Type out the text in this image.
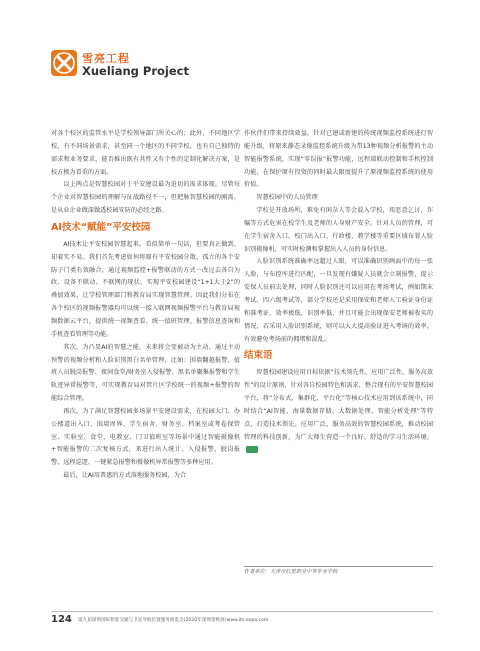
雪亮工程
Xueliang Project

对各个校区的监管水平是学校领导部门所关心的；此外，不同地区学校，有不同场景需求，甚至同一个地区的不同学校，也有自己独特的需求和业务要求，能否推出既有共性又有个性的定制化解决方案，是校方极为看重的方面。

以上两点是智慧校园对于平安建设最为迫切的需求体现。尽管每个企业对智慧校园的理解与征战路径不一，但把脉智慧校园的刚需，是从业企业做深做透校园安防的必经之路。

AI技术“赋能”平安校园

AI技术让平安校园智慧起来。看似简单一句话，但要真正做到，却着实不易。我们首先考虑如何将原有平安校园分散、孤立的各个安防子门类有效融合，通过视频监控+报警联动的方式一改过去各自为政、设备不联动、不联网的现状，实现平安校园建设“1+1大于2”的叠加效果，让学校管理部门和教育局实现智慧管理。因此我们分布在各个校区的视频报警器均可以统一接入联网视频报警平台与教育局视频数据云平台，提供统一视频查看、统一值班管理、报警信息查询和手机查看管理等功能。

其次，为凸显AI的智慧之能，未来将会变被动为主动，通过主动预警的视频分析和人脸识别黑白名单管理，比如：围墙翻越报警、值班人员脱岗报警、夜间食堂/财务室入侵报警、黑名单聚集报警和学生轨迹异常报警等，可实现教育局对管片区学校统一的视频+报警的智能综合管理。

再次，为了满足智慧校园多场景平安建设需求，在校园大门、办公楼道出入口、围墙周界、学生宿舍、财务室、档案室或考卷保管室、实验室、食堂、电教室、门卫值班室等场景中通过智能摄像机+智能报警的二次复核方式，来进行出入统计、入侵报警、脱岗报警、远程巡逻、一键紧急报警和摄像机异常报警等多种应用。

最后，让AI用普惠的方式落地服务校园，为合

作伙伴们带来持续效益。针对已建或新建的传统视频监控系统进行智能升级，将原来静态录像监控系统升级为带13种视频分析报警的主动智能报警系统，实现“零误报”报警功能，远程端联动控制和手机控制功能，在保护原有投资的同时最大限度提升了原视频监控系统的使用价值。

智慧校园中的人员管理

学校是开放场所，难免有闲杂人等会混入学校，用恶意乞讨，诈骗等方式危害在校学生及老师的人身财产安全。针对人员的管理，可在学生宿舍入口、校门出入口、行政楼、教学楼等重要区域布署人脸识别摄像机，可实时检测和掌握出入人员的身份信息。

人脸识别系统准确率远超过人眼，可以准确识别画面中的每一张人脸，与布控库进行匹配，一旦发现有嫌疑人员就会立刻报警，提示安保人员前去处理，同时人脸识别还可以应用在考场考试，例如期末考试、四六级考试等，部分学校还是采用保安和老师人工验证身份证和准考证，效率极低，识别率低，并且可能会出现保安老师被收买的情况，若采用人脸识别系统，则可以大大提高验证进入考场的效率，有效避免考场前的拥堵和混乱。

结束语

智慧校园建设应用目标依据“技术领先性、应用广泛性、服务高效性”的设计原则，针对各自校园特色和需求，整合现有的平安智慧校园平台，将“分布式、集群化、平台化”等核心技术应用到该系统中，同时结合“AI智能、海量数据存储、大数据处理、智能分析处理”等特点，打造技术领先、应用广泛、服务高效的智慧校园系统，推动校园管理的科技创新，为广大师生营造一个良好、舒适的学习生活环境。

作者单位：天津市红星职业中等专业学校
124 第九届深圳国际智能交通与卫星导航位置服务展览会(2020年深圳金秋展)www.its-expo.com
